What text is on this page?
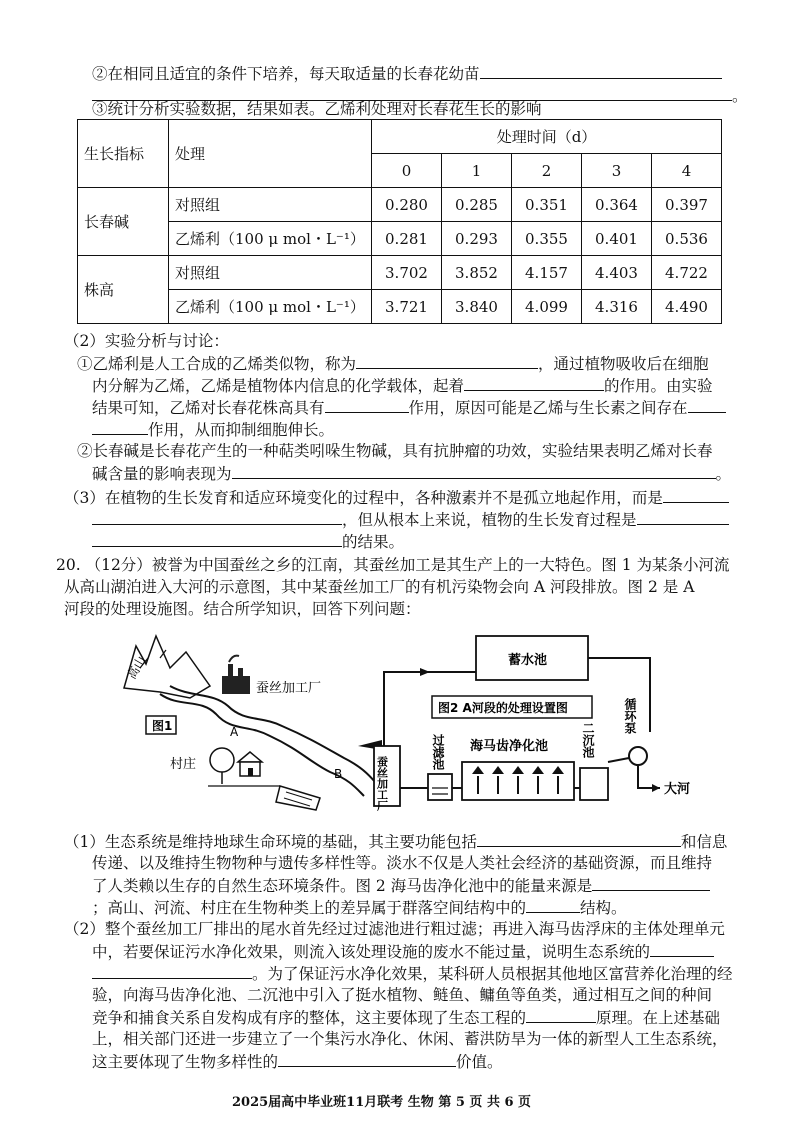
②在相同且适宜的条件下培养，每天取适量的长春花幼苗
。
③统计分析实验数据，结果如表。乙烯利处理对长春花生长的影响
生长指标	处理	处理时间（d）				
		0	1	2	3	4
长春碱	对照组	0.280	0.285	0.351	0.364	0.397
	乙烯利（100 μ mol・L⁻¹）	0.281	0.293	0.355	0.401	0.536
株高	对照组	3.702	3.852	4.157	4.403	4.722
	乙烯利（100 μ mol・L⁻¹）	3.721	3.840	4.099	4.316	4.490
（2）实验分析与讨论：
①乙烯利是人工合成的乙烯类似物，称为	，通过植物吸收后在细胞
内分解为乙烯，乙烯是植物体内信息的化学载体，起着	的作用。由实验
结果可知，乙烯对长春花株高具有	作用，原因可能是乙烯与生长素之间存在
作用，从而抑制细胞伸长。
②长春碱是长春花产生的一种萜类吲哚生物碱，具有抗肿瘤的功效，实验结果表明乙烯对长春
碱含量的影响表现为	。
（3）在植物的生长发育和适应环境变化的过程中，各种激素并不是孤立地起作用，而是
，但从根本上来说，植物的生长发育过程是
的结果。
20. （12分）被誉为中国蚕丝之乡的江南，其蚕丝加工是其生产上的一大特色。图 1 为某条小河流
从高山湖泊进入大河的示意图，其中某蚕丝加工厂的有机污染物会向 A 河段排放。图 2 是 A
河段的处理设施图。结合所学知识，回答下列问题：
高山
蚕丝加工厂
图1	A
B
村庄
蓄水池
图2 A河段的处理设置图
蚕丝加工厂
过滤池 海马齿净化池	二沉池
循环泵
大河
（1）生态系统是维持地球生命环境的基础，其主要功能包括	和信息
传递、以及维持生物物种与遗传多样性等。淡水不仅是人类社会经济的基础资源，而且维持
了人类赖以生存的自然生态环境条件。图 2 海马齿净化池中的能量来源是
；高山、河流、村庄在生物种类上的差异属于群落空间结构中的	结构。
（2）整个蚕丝加工厂排出的尾水首先经过过滤池进行粗过滤；再进入海马齿浮床的主体处理单元
中，若要保证污水净化效果，则流入该处理设施的废水不能过量，说明生态系统的
。为了保证污水净化效果，某科研人员根据其他地区富营养化治理的经
验，向海马齿净化池、二沉池中引入了挺水植物、鲢鱼、鳙鱼等鱼类，通过相互之间的种间
竞争和捕食关系自发构成有序的整体，这主要体现了生态工程的	原理。在上述基础
上，相关部门还进一步建立了一个集污水净化、休闲、蓄洪防旱为一体的新型人工生态系统，
这主要体现了生物多样性的	价值。
2025届高中毕业班11月联考 生物 第 5 页 共 6 页
